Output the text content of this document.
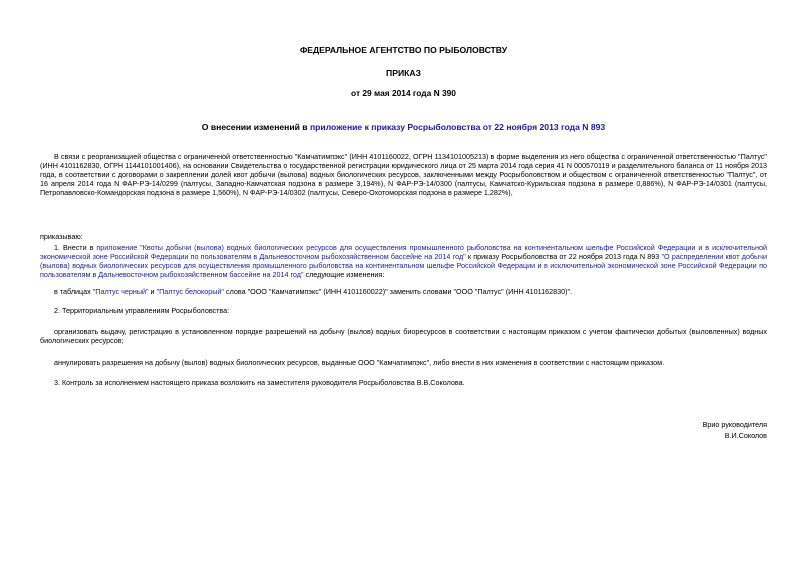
ФЕДЕРАЛЬНОЕ АГЕНТСТВО ПО РЫБОЛОВСТВУ
ПРИКАЗ
от 29 мая 2014 года N 390
О внесении изменений в приложение к приказу Росрыболовства от 22 ноября 2013 года N 893
В связи с реорганизацией общества с ограниченной ответственностью "Камчатимпэкс" (ИНН 4101160022, ОГРН 1134101005213) в форме выделения из него общества с ограниченной ответственностью "Палтус" (ИНН 4101162830, ОГРН 1144101001406), на основании Свидетельства о государственной регистрации юридического лица от 25 марта 2014 года серия 41 N 000570119 и разделительного баланса от 11 ноября 2013 года, в соответствии с договорами о закреплении долей квот добычи (вылова) водных биологических ресурсов, заключенными между Росрыболовством и обществом с ограниченной ответственностью "Палтус", от 16 апреля 2014 года N ФАР-РЭ-14/0299 (палтусы, Западно-Камчатская подзона в размере 3,194%), N ФАР-РЭ-14/0300 (палтусы, Камчатско-Курильская подзона в размере 0,886%), N ФАР-РЭ-14/0301 (палтусы, Петропавловско-Командорская подзона в размере 1,560%), N ФАР-РЭ-14/0302 (палтусы, Северо-Охотоморская подзона в размере 1,282%),
приказываю:
1. Внести в приложение "Квоты добычи (вылова) водных биологических ресурсов для осуществления промышленного рыболовства на континентальном шельфе Российской Федерации и в исключительной экономической зоне Российской Федерации по пользователям в Дальневосточном рыбохозяйственном бассейне на 2014 год" к приказу Росрыболовства от 22 ноября 2013 года N 893 "О распределении квот добычи (вылова) водных биологических ресурсов для осуществления промышленного рыболовства на континентальном шельфе Российской Федерации и в исключительной экономической зоне Российской Федерации по пользователям в Дальневосточном рыбохозяйственном бассейне на 2014 год" следующие изменения:
в таблицах "Палтус черный" и "Палтус белокорый" слова "ООО "Камчатимпэкс" (ИНН 4101160022)" заменить словами "ООО "Палтус" (ИНН 4101162830)".
2. Территориальным управлениям Росрыболовства:
организовать выдачу, регистрацию в установленном порядке разрешений на добычу (вылов) водных биоресурсов в соответствии с настоящим приказом с учетом фактически добытых (выловленных) водных биологических ресурсов;
аннулировать разрешения на добычу (вылов) водных биологических ресурсов, выданные ООО "Камчатимпэкс", либо внести в них изменения в соответствии с настоящим приказом.
3. Контроль за исполнением настоящего приказа возложить на заместителя руководителя Росрыболовства В.В.Соколова.
Врио руководителя
В.И.Соколов
